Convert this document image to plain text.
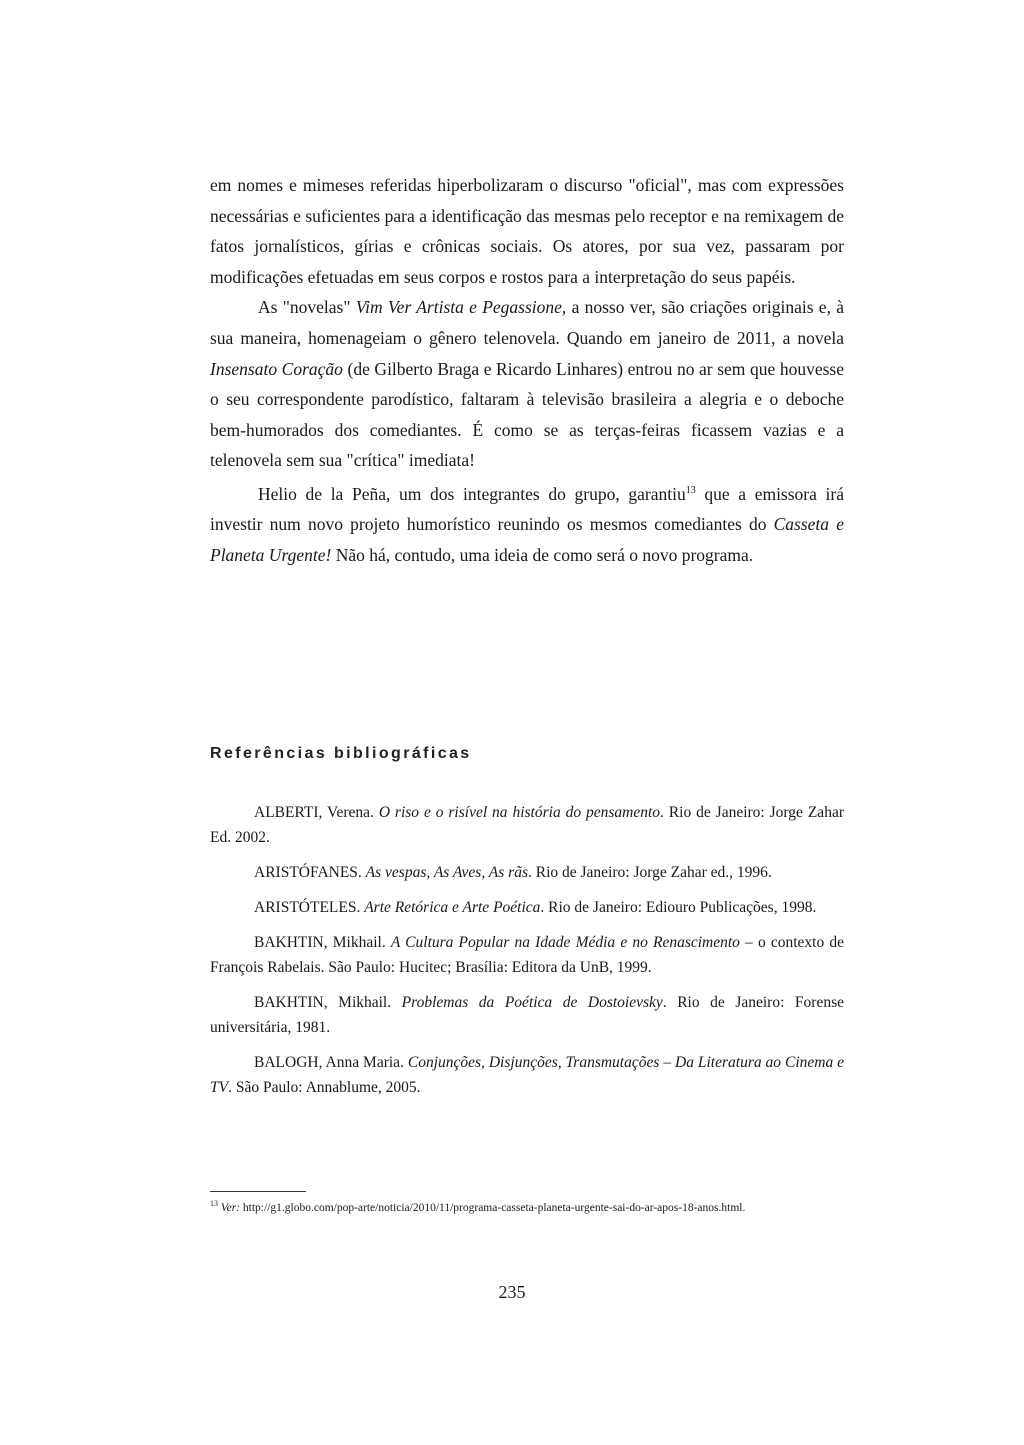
em nomes e mimeses referidas hiperbolizaram o discurso "oficial", mas com expressões necessárias e suficientes para a identificação das mesmas pelo receptor e na remixagem de fatos jornalísticos, gírias e crônicas sociais. Os atores, por sua vez, passaram por modificações efetuadas em seus corpos e rostos para a interpretação do seus papéis.

As "novelas" Vim Ver Artista e Pegassione, a nosso ver, são criações originais e, à sua maneira, homenageiam o gênero telenovela. Quando em janeiro de 2011, a novela Insensato Coração (de Gilberto Braga e Ricardo Linhares) entrou no ar sem que houvesse o seu correspondente parodístico, faltaram à televisão brasileira a alegria e o deboche bem-humorados dos comediantes. É como se as terças-feiras ficassem vazias e a telenovela sem sua "crítica" imediata!

Helio de la Peña, um dos integrantes do grupo, garantiu$^{13}$ que a emissora irá investir num novo projeto humorístico reunindo os mesmos comediantes do Casseta e Planeta Urgente! Não há, contudo, uma ideia de como será o novo programa.

Referências bibliográficas

ALBERTI, Verena. O riso e o risível na história do pensamento. Rio de Janeiro: Jorge Zahar Ed. 2002.

ARISTÓFANES. As vespas, As Aves, As rãs. Rio de Janeiro: Jorge Zahar ed., 1996.

ARISTÓTELES. Arte Retórica e Arte Poética. Rio de Janeiro: Ediouro Publicações, 1998.

BAKHTIN, Mikhail. A Cultura Popular na Idade Média e no Renascimento – o contexto de François Rabelais. São Paulo: Hucitec; Brasília: Editora da UnB, 1999.

BAKHTIN, Mikhail. Problemas da Poética de Dostoievsky. Rio de Janeiro: Forense universitária, 1981.

BALOGH, Anna Maria. Conjunções, Disjunções, Transmutações – Da Literatura ao Cinema e TV. São Paulo: Annablume, 2005.

$^{13}$ Ver: http://g1.globo.com/pop-arte/noticia/2010/11/programa-casseta-planeta-urgente-sai-do-ar-apos-18-anos.html.
235
